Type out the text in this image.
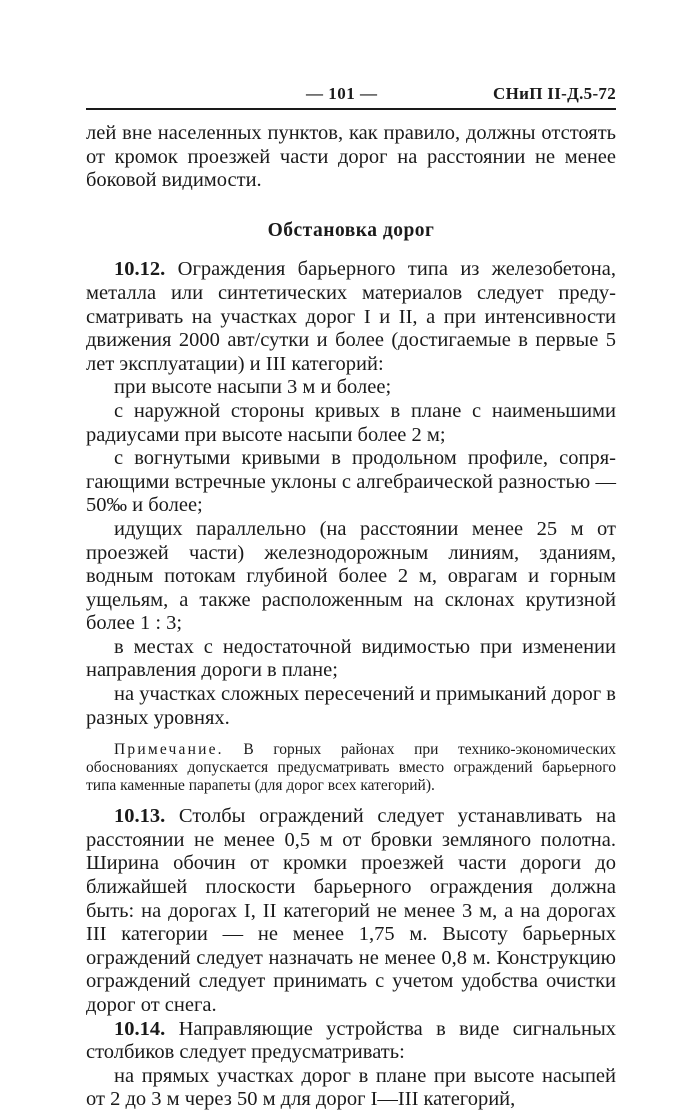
— 101 —	СНиП II-Д.5-72

лей вне населенных пунктов, как правило, должны отстоять от кромок проезжей части дорог на расстоянии не менее боковой видимости.

Обстановка дорог

10.12. Ограждения барьерного типа из железобетона, металла или синтетических материалов следует предусматривать на участках дорог I и II, а при интенсивности движения 2000 авт/сутки и более (достигаемые в первые 5 лет эксплуатации) и III категорий:

при высоте насыпи 3 м и более;

с наружной стороны кривых в плане с наименьшими радиусами при высоте насыпи более 2 м;

с вогнутыми кривыми в продольном профиле, сопрягающими встречные уклоны с алгебраической разностью — 50‰ и более;

идущих параллельно (на расстоянии менее 25 м от проезжей части) железнодорожным линиям, зданиям, водным потокам глубиной более 2 м, оврагам и горным ущельям, а также расположенным на склонах крутизной более 1 : 3;

в местах с недостаточной видимостью при изменении направления дороги в плане;

на участках сложных пересечений и примыканий дорог в разных уровнях.

Примечание. В горных районах при технико-экономических обоснованиях допускается предусматривать вместо ограждений барьерного типа каменные парапеты (для дорог всех категорий).

10.13. Столбы ограждений следует устанавливать на расстоянии не менее 0,5 м от бровки земляного полотна. Ширина обочин от кромки проезжей части дороги до ближайшей плоскости барьерного ограждения должна быть: на дорогах I, II категорий не менее 3 м, а на дорогах III категории — не менее 1,75 м. Высоту барьерных ограждений следует назначать не менее 0,8 м. Конструкцию ограждений следует принимать с учетом удобства очистки дорог от снега.

10.14. Направляющие устройства в виде сигнальных столбиков следует предусматривать:

на прямых участках дорог в плане при высоте насыпей от 2 до 3 м через 50 м для дорог I—III категорий,
